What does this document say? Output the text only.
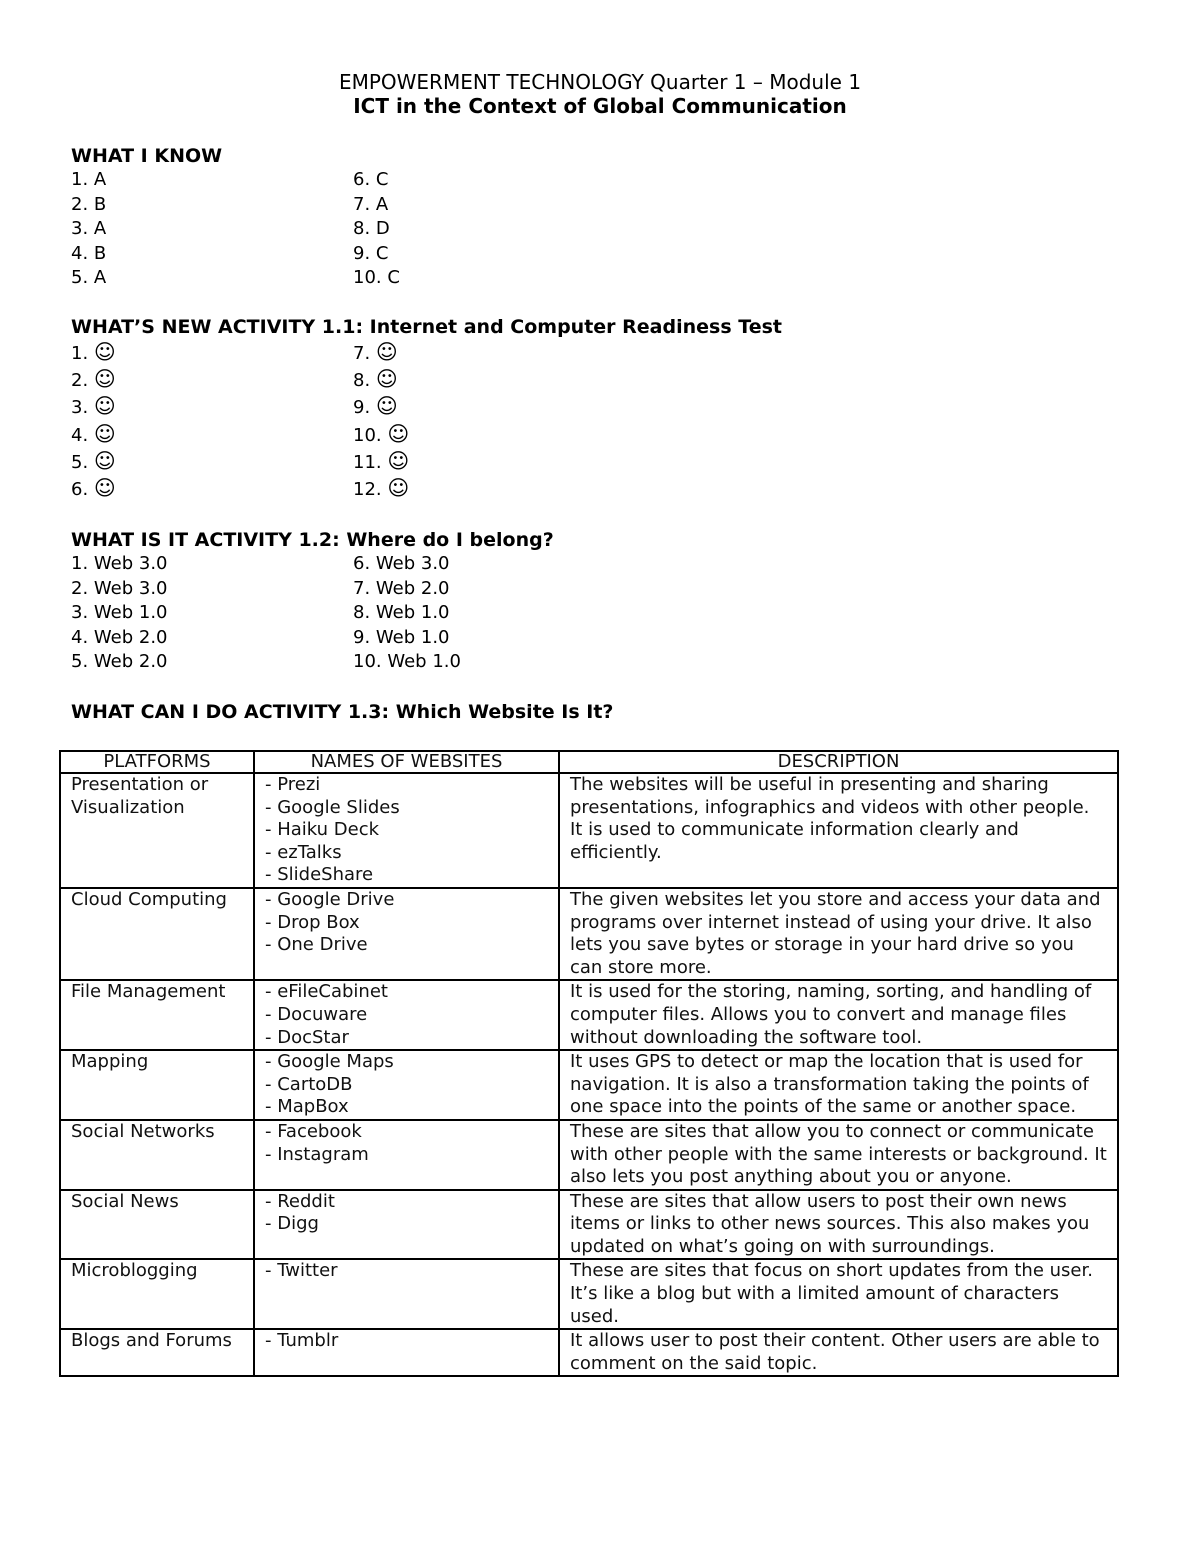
EMPOWERMENT TECHNOLOGY Quarter 1 – Module 1
ICT in the Context of Global Communication
WHAT I KNOW
1. A
2. B
3. A
4. B
5. A
6. C
7. A
8. D
9. C
10. C
WHAT’S NEW ACTIVITY 1.1: Internet and Computer Readiness Test
1. ☺
2. ☺
3. ☺
4. ☺
5. ☺
6. ☺
7. ☺
8. ☺
9. ☺
10. ☺
11. ☺
12. ☺
WHAT IS IT ACTIVITY 1.2: Where do I belong?
1. Web 3.0
2. Web 3.0
3. Web 1.0
4. Web 2.0
5. Web 2.0
6. Web 3.0
7. Web 2.0
8. Web 1.0
9. Web 1.0
10. Web 1.0
WHAT CAN I DO ACTIVITY 1.3: Which Website Is It?
PLATFORMS	NAMES OF WEBSITES	DESCRIPTION
Presentation or Visualization	- Prezi
- Google Slides
- Haiku Deck
- ezTalks
- SlideShare	The websites will be useful in presenting and sharing presentations, infographics and videos with other people. It is used to communicate information clearly and efficiently.
Cloud Computing	- Google Drive
- Drop Box
- One Drive	The given websites let you store and access your data and programs over internet instead of using your drive. It also lets you save bytes or storage in your hard drive so you can store more.
File Management	- eFileCabinet
- Docuware
- DocStar	It is used for the storing, naming, sorting, and handling of computer files. Allows you to convert and manage files without downloading the software tool.
Mapping	- Google Maps
- CartoDB
- MapBox	It uses GPS to detect or map the location that is used for navigation. It is also a transformation taking the points of one space into the points of the same or another space.
Social Networks	- Facebook
- Instagram	These are sites that allow you to connect or communicate with other people with the same interests or background. It also lets you post anything about you or anyone.
Social News	- Reddit
- Digg	These are sites that allow users to post their own news items or links to other news sources. This also makes you updated on what’s going on with surroundings.
Microblogging	- Twitter	These are sites that focus on short updates from the user. It’s like a blog but with a limited amount of characters used.
Blogs and Forums	- Tumblr	It allows user to post their content. Other users are able to comment on the said topic.
